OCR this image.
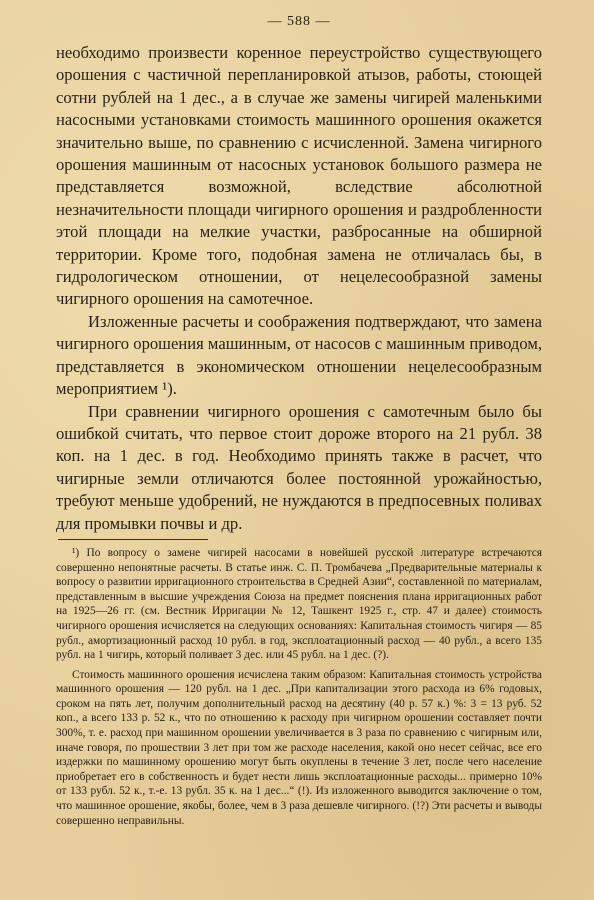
— 588 —

необходимо произвести коренное переустройство существующего орошения с частичной перепланировкой атызов, работы, стоющей сотни рублей на 1 дес., а в случае же замены чигирей маленькими насосными установками стоимость машинного орошения окажется значительно выше, по сравнению с исчисленной. Замена чигирного орошения машинным от насосных установок большого размера не представляется возможной, вследствие абсолютной незначительности площади чигирного орошения и раздробленности этой площади на мелкие участки, разбросанные на обширной территории. Кроме того, подобная замена не отличалась бы, в гидрологическом отношении, от нецелесообразной замены чигирного орошения на самотечное.

Изложенные расчеты и соображения подтверждают, что замена чигирного орошения машинным, от насосов с машинным приводом, представляется в экономическом отношении нецелесообразным мероприятием ¹).

При сравнении чигирного орошения с самотечным было бы ошибкой считать, что первое стоит дороже второго на 21 рубл. 38 коп. на 1 дес. в год. Необходимо принять также в расчет, что чигирные земли отличаются более постоянной урожайностью, требуют меньше удобрений, не нуждаются в предпосевных поливах для промывки почвы и др.

¹) По вопросу о замене чигирей насосами в новейшей русской литературе встречаются совершенно непонятные расчеты. В статье инж. С. П. Тромбачева „Предварительные материалы к вопросу о развитии ирригационного строительства в Средней Азии“, составленной по материалам, представленным в высшие учреждения Союза на предмет пояснения плана ирригационных работ на 1925—26 гг. (см. Вестник Ирригации № 12, Ташкент 1925 г., стр. 47 и далее) стоимость чигирного орошения исчисляется на следующих основаниях: Капитальная стоимость чигиря — 85 рубл., амортизационный расход 10 рубл. в год, эксплоатационный расход — 40 рубл., а всего 135 рубл. на 1 чигирь, который поливает 3 дес. или 45 рубл. на 1 дес. (?).

Стоимость машинного орошения исчислена таким образом: Капитальная стоимость устройства машинного орошения — 120 рубл. на 1 дес. „При капитализации этого расхода из 6% годовых, сроком на пять лет, получим дополнительный расход на десятину (40 р. 57 к.) %: 3 = 13 руб. 52 коп., а всего 133 р. 52 к., что по отношению к расходу при чигирном орошении составляет почти 300%, т. е. расход при машинном орошении увеличивается в 3 раза по сравнению с чигирным или, иначе говоря, по прошествии 3 лет при том же расходе населения, какой оно несет сейчас, все его издержки по машинному орошению могут быть окуплены в течение 3 лет, после чего население приобретает его в собственность и будет нести лишь эксплоатационные расходы... примерно 10% от 133 рубл. 52 к., т.-е. 13 рубл. 35 к. на 1 дес...“ (!). Из изложенного выводится заключение о том, что машинное орошение, якобы, более, чем в 3 раза дешевле чигирного. (!?) Эти расчеты и выводы совершенно неправильны.
